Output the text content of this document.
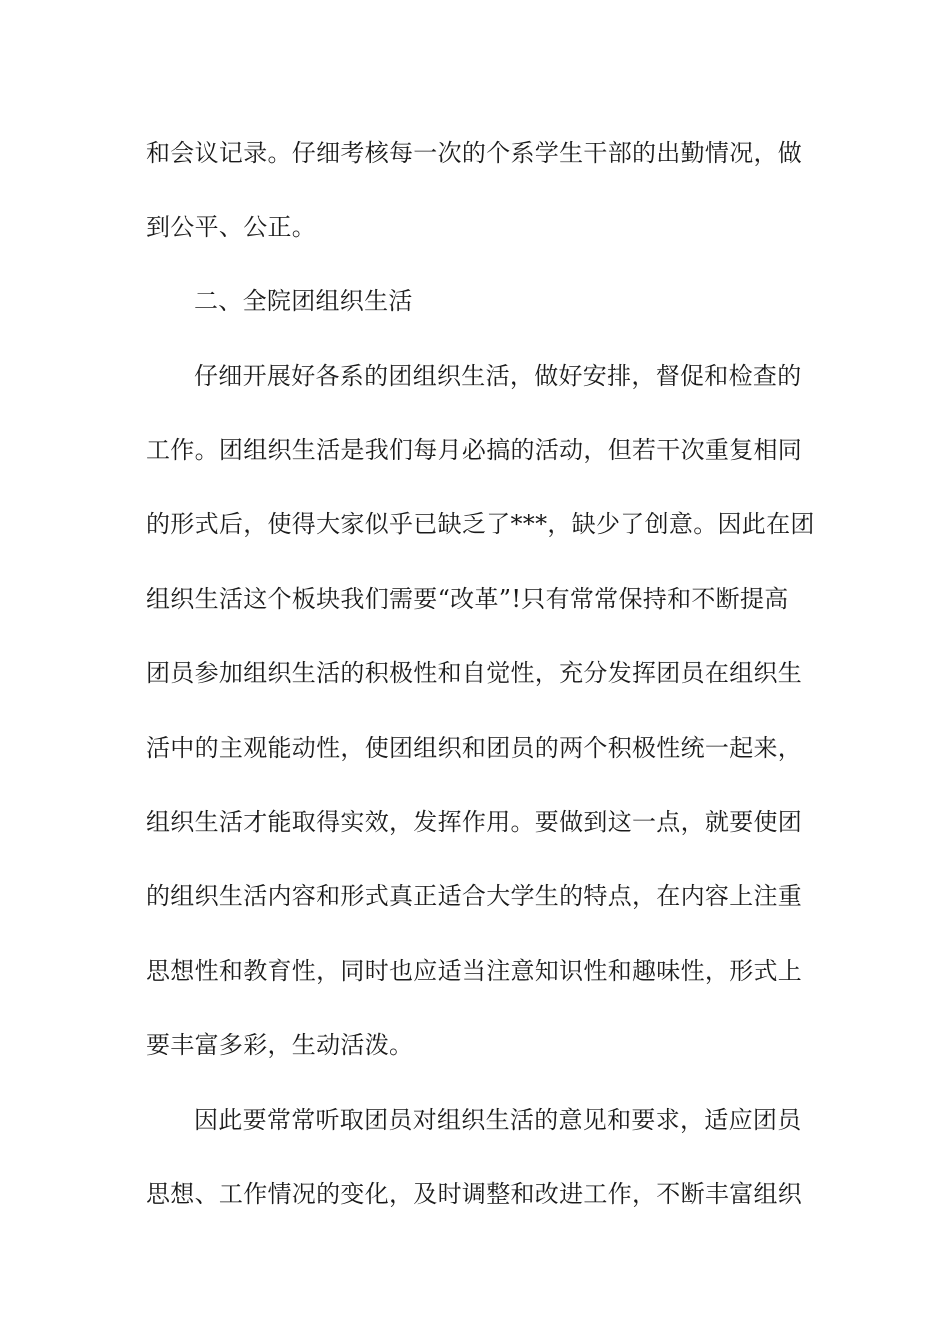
和会议记录。仔细考核每一次的个系学生干部的出勤情况，做
到公平、公正。
二、全院团组织生活
仔细开展好各系的团组织生活，做好安排，督促和检查的
工作。团组织生活是我们每月必搞的活动，但若干次重复相同
的形式后，使得大家似乎已缺乏了***，缺少了创意。因此在团
组织生活这个板块我们需要“改革”!只有常常保持和不断提高
团员参加组织生活的积极性和自觉性，充分发挥团员在组织生
活中的主观能动性，使团组织和团员的两个积极性统一起来，
组织生活才能取得实效，发挥作用。要做到这一点，就要使团
的组织生活内容和形式真正适合大学生的特点，在内容上注重
思想性和教育性，同时也应适当注意知识性和趣味性，形式上
要丰富多彩，生动活泼。
因此要常常听取团员对组织生活的意见和要求，适应团员
思想、工作情况的变化，及时调整和改进工作，不断丰富组织
